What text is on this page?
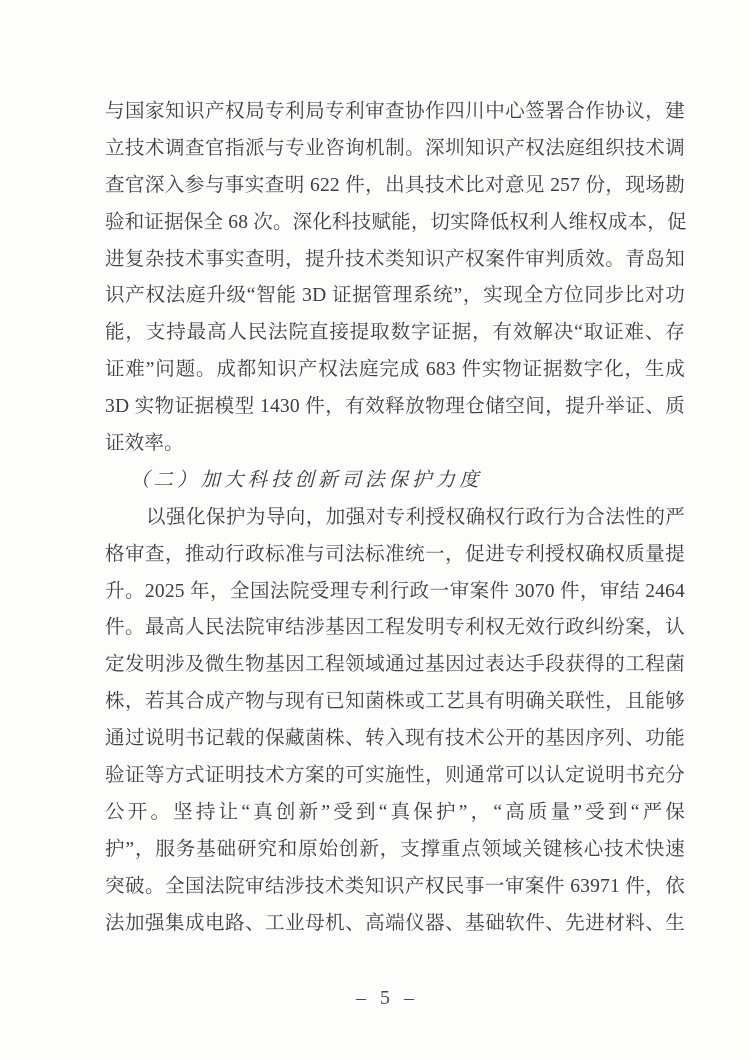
与国家知识产权局专利局专利审查协作四川中心签署合作协议，建
立技术调查官指派与专业咨询机制。深圳知识产权法庭组织技术调
查官深入参与事实查明 622 件，出具技术比对意见 257 份，现场勘
验和证据保全 68 次。深化科技赋能，切实降低权利人维权成本，促
进复杂技术事实查明，提升技术类知识产权案件审判质效。青岛知
识产权法庭升级“智能 3D 证据管理系统”，实现全方位同步比对功
能，支持最高人民法院直接提取数字证据，有效解决“取证难、存
证难”问题。成都知识产权法庭完成 683 件实物证据数字化，生成
3D 实物证据模型 1430 件，有效释放物理仓储空间，提升举证、质
证效率。
（二）加大科技创新司法保护力度
以强化保护为导向，加强对专利授权确权行政行为合法性的严
格审查，推动行政标准与司法标准统一，促进专利授权确权质量提
升。2025 年，全国法院受理专利行政一审案件 3070 件，审结 2464
件。最高人民法院审结涉基因工程发明专利权无效行政纠纷案，认
定发明涉及微生物基因工程领域通过基因过表达手段获得的工程菌
株，若其合成产物与现有已知菌株或工艺具有明确关联性，且能够
通过说明书记载的保藏菌株、转入现有技术公开的基因序列、功能
验证等方式证明技术方案的可实施性，则通常可以认定说明书充分
公开。坚持让“真创新”受到“真保护”，“高质量”受到“严保
护”，服务基础研究和原始创新，支撑重点领域关键核心技术快速
突破。全国法院审结涉技术类知识产权民事一审案件 63971 件，依
法加强集成电路、工业母机、高端仪器、基础软件、先进材料、生
– 5 –
